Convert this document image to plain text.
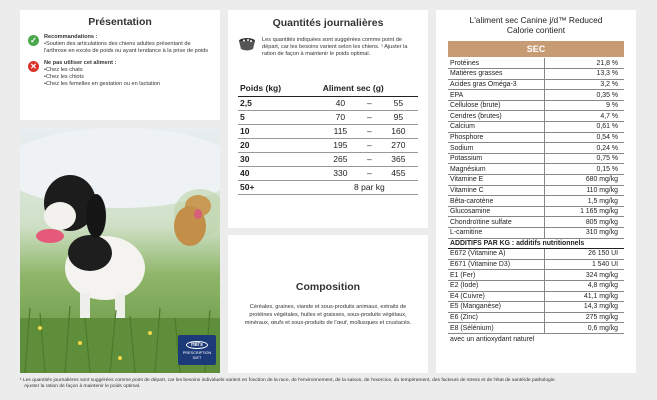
Présentation
✓	Recommandations :
• Soutien des articulations des chiens adultes présentant de l'arthrose en excès de poids ou ayant tendance à la prise de poids
✕	Ne pas utiliser cet aliment :
• Chez les chats
• Chez les chiots
• Chez les femelles en gestation ou en lactation
Hill's
PRESCRIPTION
DIET
Quantités journalières

Les quantités indiquées sont suggérées comme point de départ, car les besoins varient selon les chiens. ¹ Ajuster la ration de façon à maintenir le poids optimal.

Poids (kg)	Aliment sec (g)		
2,5	40	–	55
5	70	–	95
10	115	–	160
20	195	–	270
30	265	–	365
40	330	–	455
50+	8 par kg		
Composition

Céréales, graines, viande et sous-produits animaux, extraits de protéines végétales, huiles et graisses, sous-produits végétaux, minéraux, œufs et sous-produits de l'œuf, mollusques et crustacés.

L'aliment sec Canine j/d™ Reduced
Calorie contient
SEC
Protéines	21,8 %
Matières grasses	13,3 %
Acides gras Oméga-3	3,2 %
EPA	0,35 %
Cellulose (brute)	9 %
Cendres (brutes)	4,7 %
Calcium	0,61 %
Phosphore	0,54 %
Sodium	0,24 %
Potassium	0,75 %
Magnésium	0,15 %
Vitamine E	680 mg/kg
Vitamine C	110 mg/kg
Bêta-carotène	1,5 mg/kg
Glucosamine	1 165 mg/kg
Chondroïtine sulfate	805 mg/kg
L-carnitine	310 mg/kg
ADDITIFS PAR KG : additifs nutritionnels	
E672 (Vitamine A)	26 150 UI
E671 (Vitamine D3)	1 540 UI
E1 (Fer)	324 mg/kg
E2 (Iode)	4,8 mg/kg
E4 (Cuivre)	41,1 mg/kg
E5 (Manganèse)	14,3 mg/kg
E6 (Zinc)	275 mg/kg
E8 (Sélénium)	0,6 mg/kg
avec un antioxydant naturel
¹ Les quantités journalières sont suggérées comme point de départ, car les besoins individuels varient en fonction de la race, de l'environnement, de la saison, de l'exercice, du tempérament, des facteurs de stress et de l'état de santé/de pathologie.
Ajuster la ration de façon à maintenir le poids optimal.
